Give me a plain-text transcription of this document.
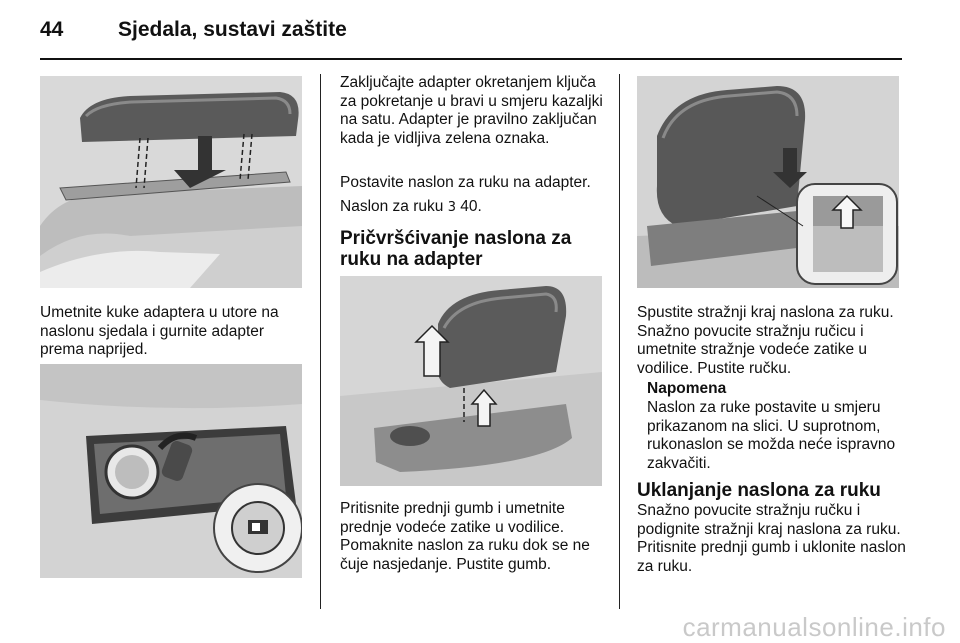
44	Sjedala, sustavi zaštite

Umetnite kuke adaptera u utore na naslonu sjedala i gurnite adapter prema naprijed.

Zaključajte adapter okretanjem ključa za pokretanje u bravi u smjeru kazaljki na satu. Adapter je pravilno zaključan kada je vidljiva zelena oznaka.

Postavite naslon za ruku na adapter.

Naslon za ruku 3 40.

Pričvršćivanje naslona za ruku na adapter

Pritisnite prednji gumb i umetnite prednje vodeće zatike u vodilice. Pomaknite naslon za ruku dok se ne čuje nasjedanje. Pustite gumb.

Spustite stražnji kraj naslona za ruku. Snažno povucite stražnju ručicu i umetnite stražnje vodeće zatike u vodilice. Pustite ručku.

Napomena

Naslon za ruke postavite u smjeru prikazanom na slici. U suprotnom, rukonaslon se možda neće ispravno zakvačiti.

Uklanjanje naslona za ruku

Snažno povucite stražnju ručku i podignite stražnji kraj naslona za ruku. Pritisnite prednji gumb i uklonite naslon za ruku.

carmanualsonline.info
